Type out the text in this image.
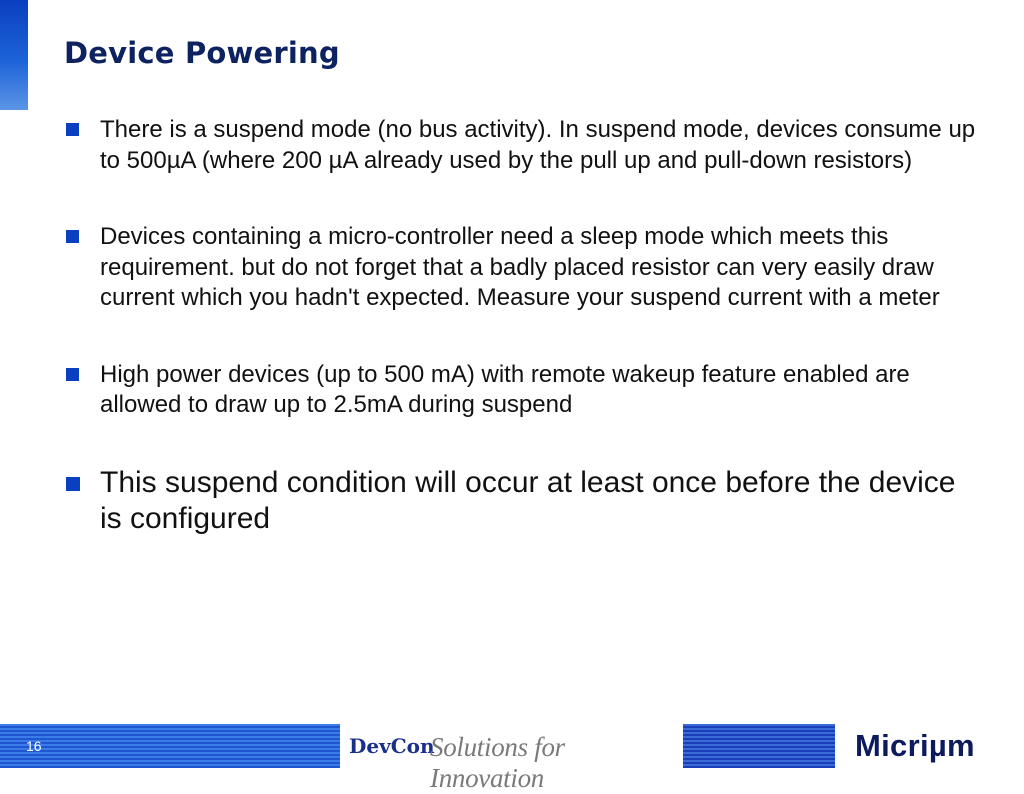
Device Powering
There is a suspend mode (no bus activity). In suspend mode, devices consume up to 500µA (where 200 µA already used by the pull up and pull-down resistors)
Devices containing a micro-controller need a sleep mode which meets this requirement. but do not forget that a badly placed resistor can very easily draw current which you hadn't expected. Measure your suspend current with a meter
High power devices (up to 500 mA) with remote wakeup feature enabled are allowed to draw up to 2.5mA during suspend
This suspend condition will occur at least once before the device is configured
16	DevCon
Solutions for Innovation
Micriµm
